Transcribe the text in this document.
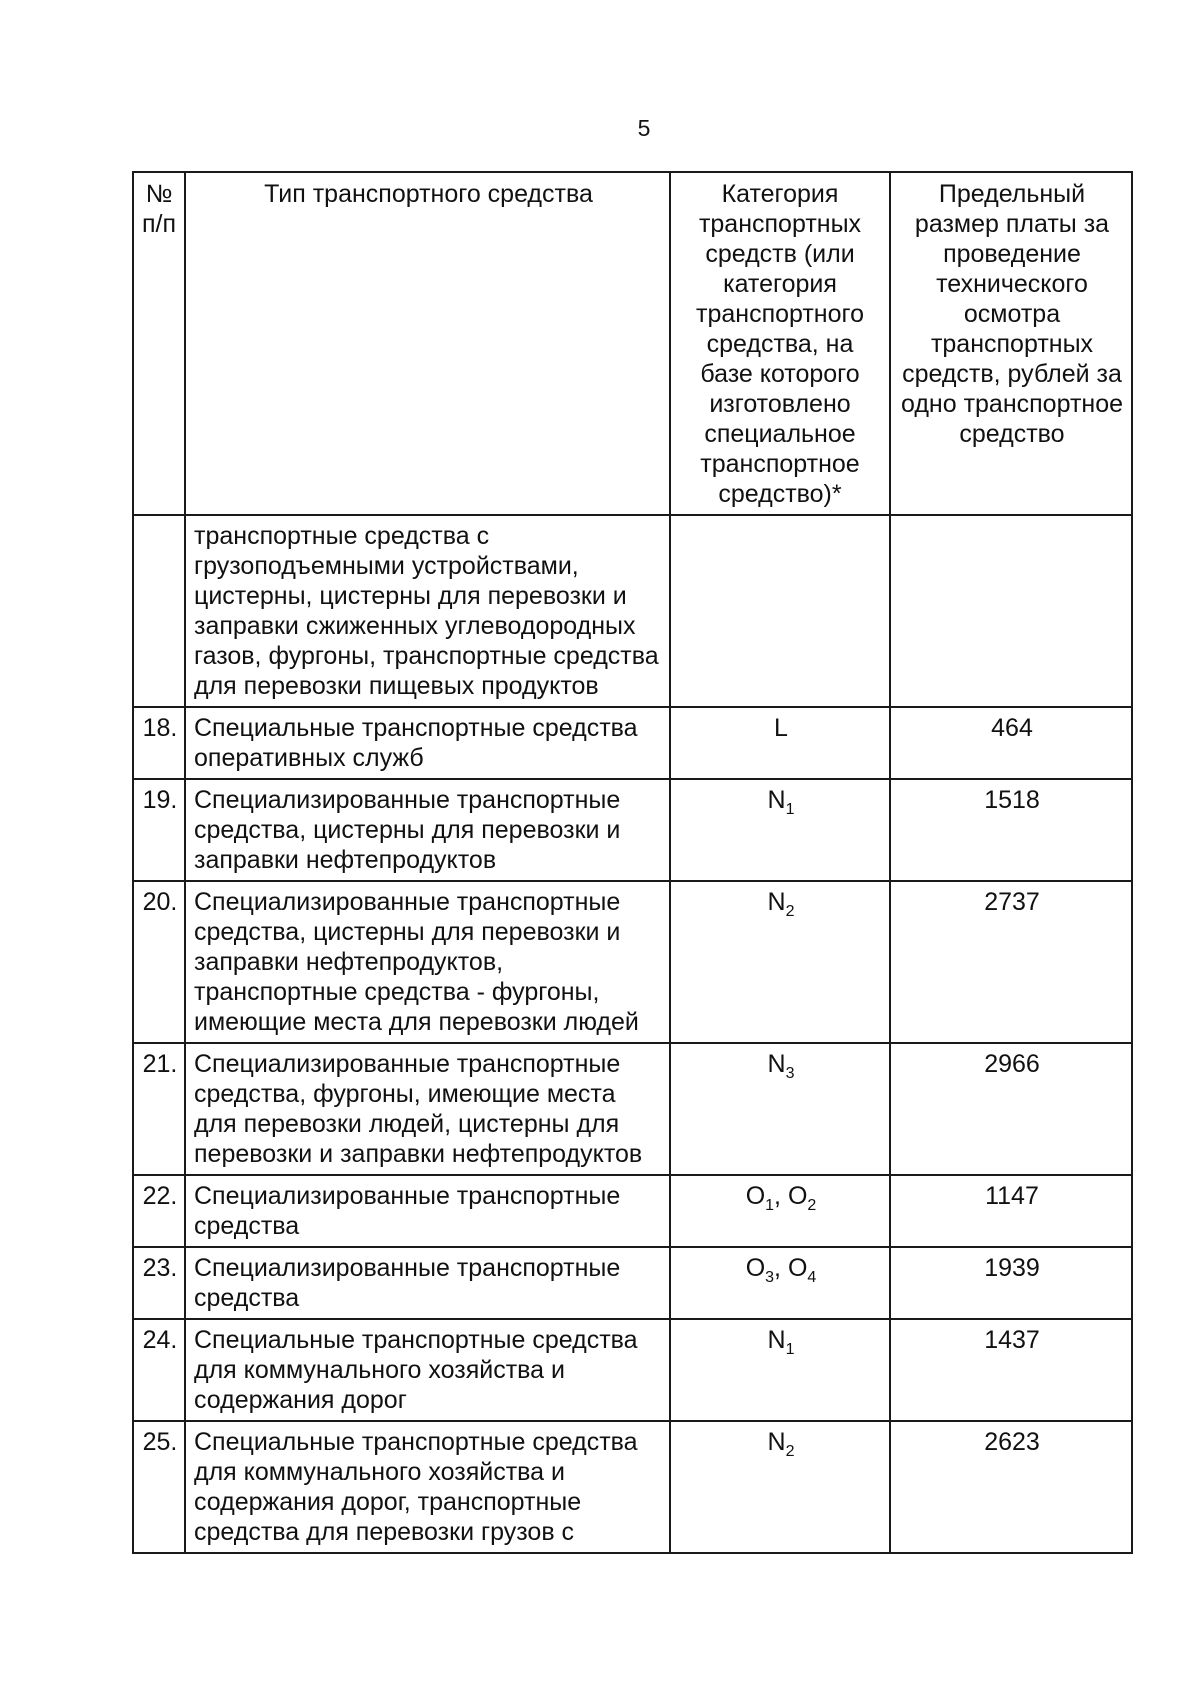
5
№ п/п	Тип транспортного средства	Категория транспортных средств (или категория транспортного средства, на базе которого изготовлено специальное транспортное средство)*	Предельный размер платы за проведение технического осмотра транспортных средств, рублей за одно транспортное средство
	транспортные средства с грузоподъемными устройствами, цистерны, цистерны для перевозки и заправки сжиженных углеводородных газов, фургоны, транспортные средства для перевозки пищевых продуктов		
18.	Специальные транспортные средства оперативных служб	L	464
19.	Специализированные транспортные средства, цистерны для перевозки и заправки нефтепродуктов	$N_1$	1518
20.	Специализированные транспортные средства, цистерны для перевозки и заправки нефтепродуктов, транспортные средства - фургоны, имеющие места для перевозки людей	$N_2$	2737
21.	Специализированные транспортные средства, фургоны, имеющие места для перевозки людей, цистерны для перевозки и заправки нефтепродуктов	$N_3$	2966
22.	Специализированные транспортные средства	$O_1$, $O_2$	1147
23.	Специализированные транспортные средства	$O_3$, $O_4$	1939
24.	Специальные транспортные средства для коммунального хозяйства и содержания дорог	$N_1$	1437
25.	Специальные транспортные средства для коммунального хозяйства и содержания дорог, транспортные средства для перевозки грузов с	$N_2$	2623
